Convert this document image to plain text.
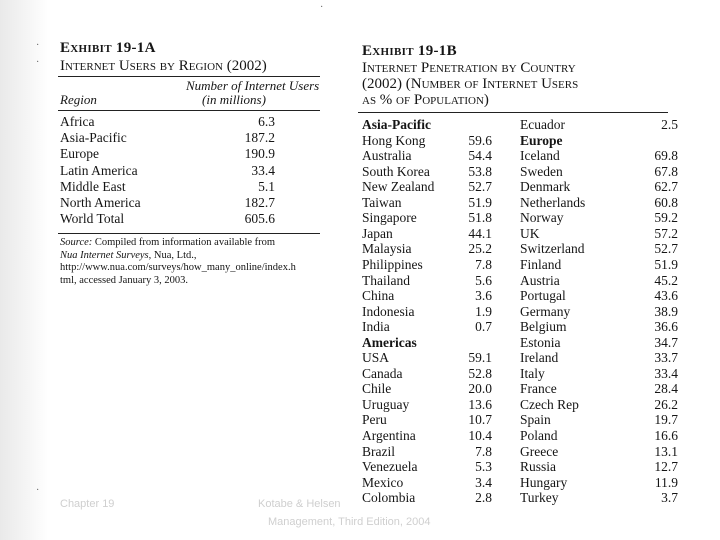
·
·
·
·
Exhibit 19-1A
Internet Users by Region (2002)
Number of Internet Users
(in millions)
Region
Africa	6.3
Asia-Pacific	187.2
Europe	190.9
Latin America	33.4
Middle East	5.1
North America	182.7
World Total	605.6
Source: Compiled from information available from
Nua Internet Surveys, Nua, Ltd.,
http://www.nua.com/surveys/how_many_online/index.h
tml, accessed January 3, 2003.
Exhibit 19-1B
Internet Penetration by Country
(2002) (Number of Internet Users
as % of Population)
Asia-Pacific
Hong Kong	59.6
Australia	54.4
South Korea	53.8
New Zealand	52.7
Taiwan	51.9
Singapore	51.8
Japan	44.1
Malaysia	25.2
Philippines	7.8
Thailand	5.6
China	3.6
Indonesia	1.9
India	0.7
Americas
USA	59.1
Canada	52.8
Chile	20.0
Uruguay	13.6
Peru	10.7
Argentina	10.4
Brazil	7.8
Venezuela	5.3
Mexico	3.4
Colombia	2.8
Ecuador	2.5
Europe
Iceland	69.8
Sweden	67.8
Denmark	62.7
Netherlands	60.8
Norway	59.2
UK	57.2
Switzerland	52.7
Finland	51.9
Austria	45.2
Portugal	43.6
Germany	38.9
Belgium	36.6
Estonia	34.7
Ireland	33.7
Italy	33.4
France	28.4
Czech Rep	26.2
Spain	19.7
Poland	16.6
Greece	13.1
Russia	12.7
Hungary	11.9
Turkey	3.7
Chapter 19	Kotabe & Helsen
Management, Third Edition, 2004
